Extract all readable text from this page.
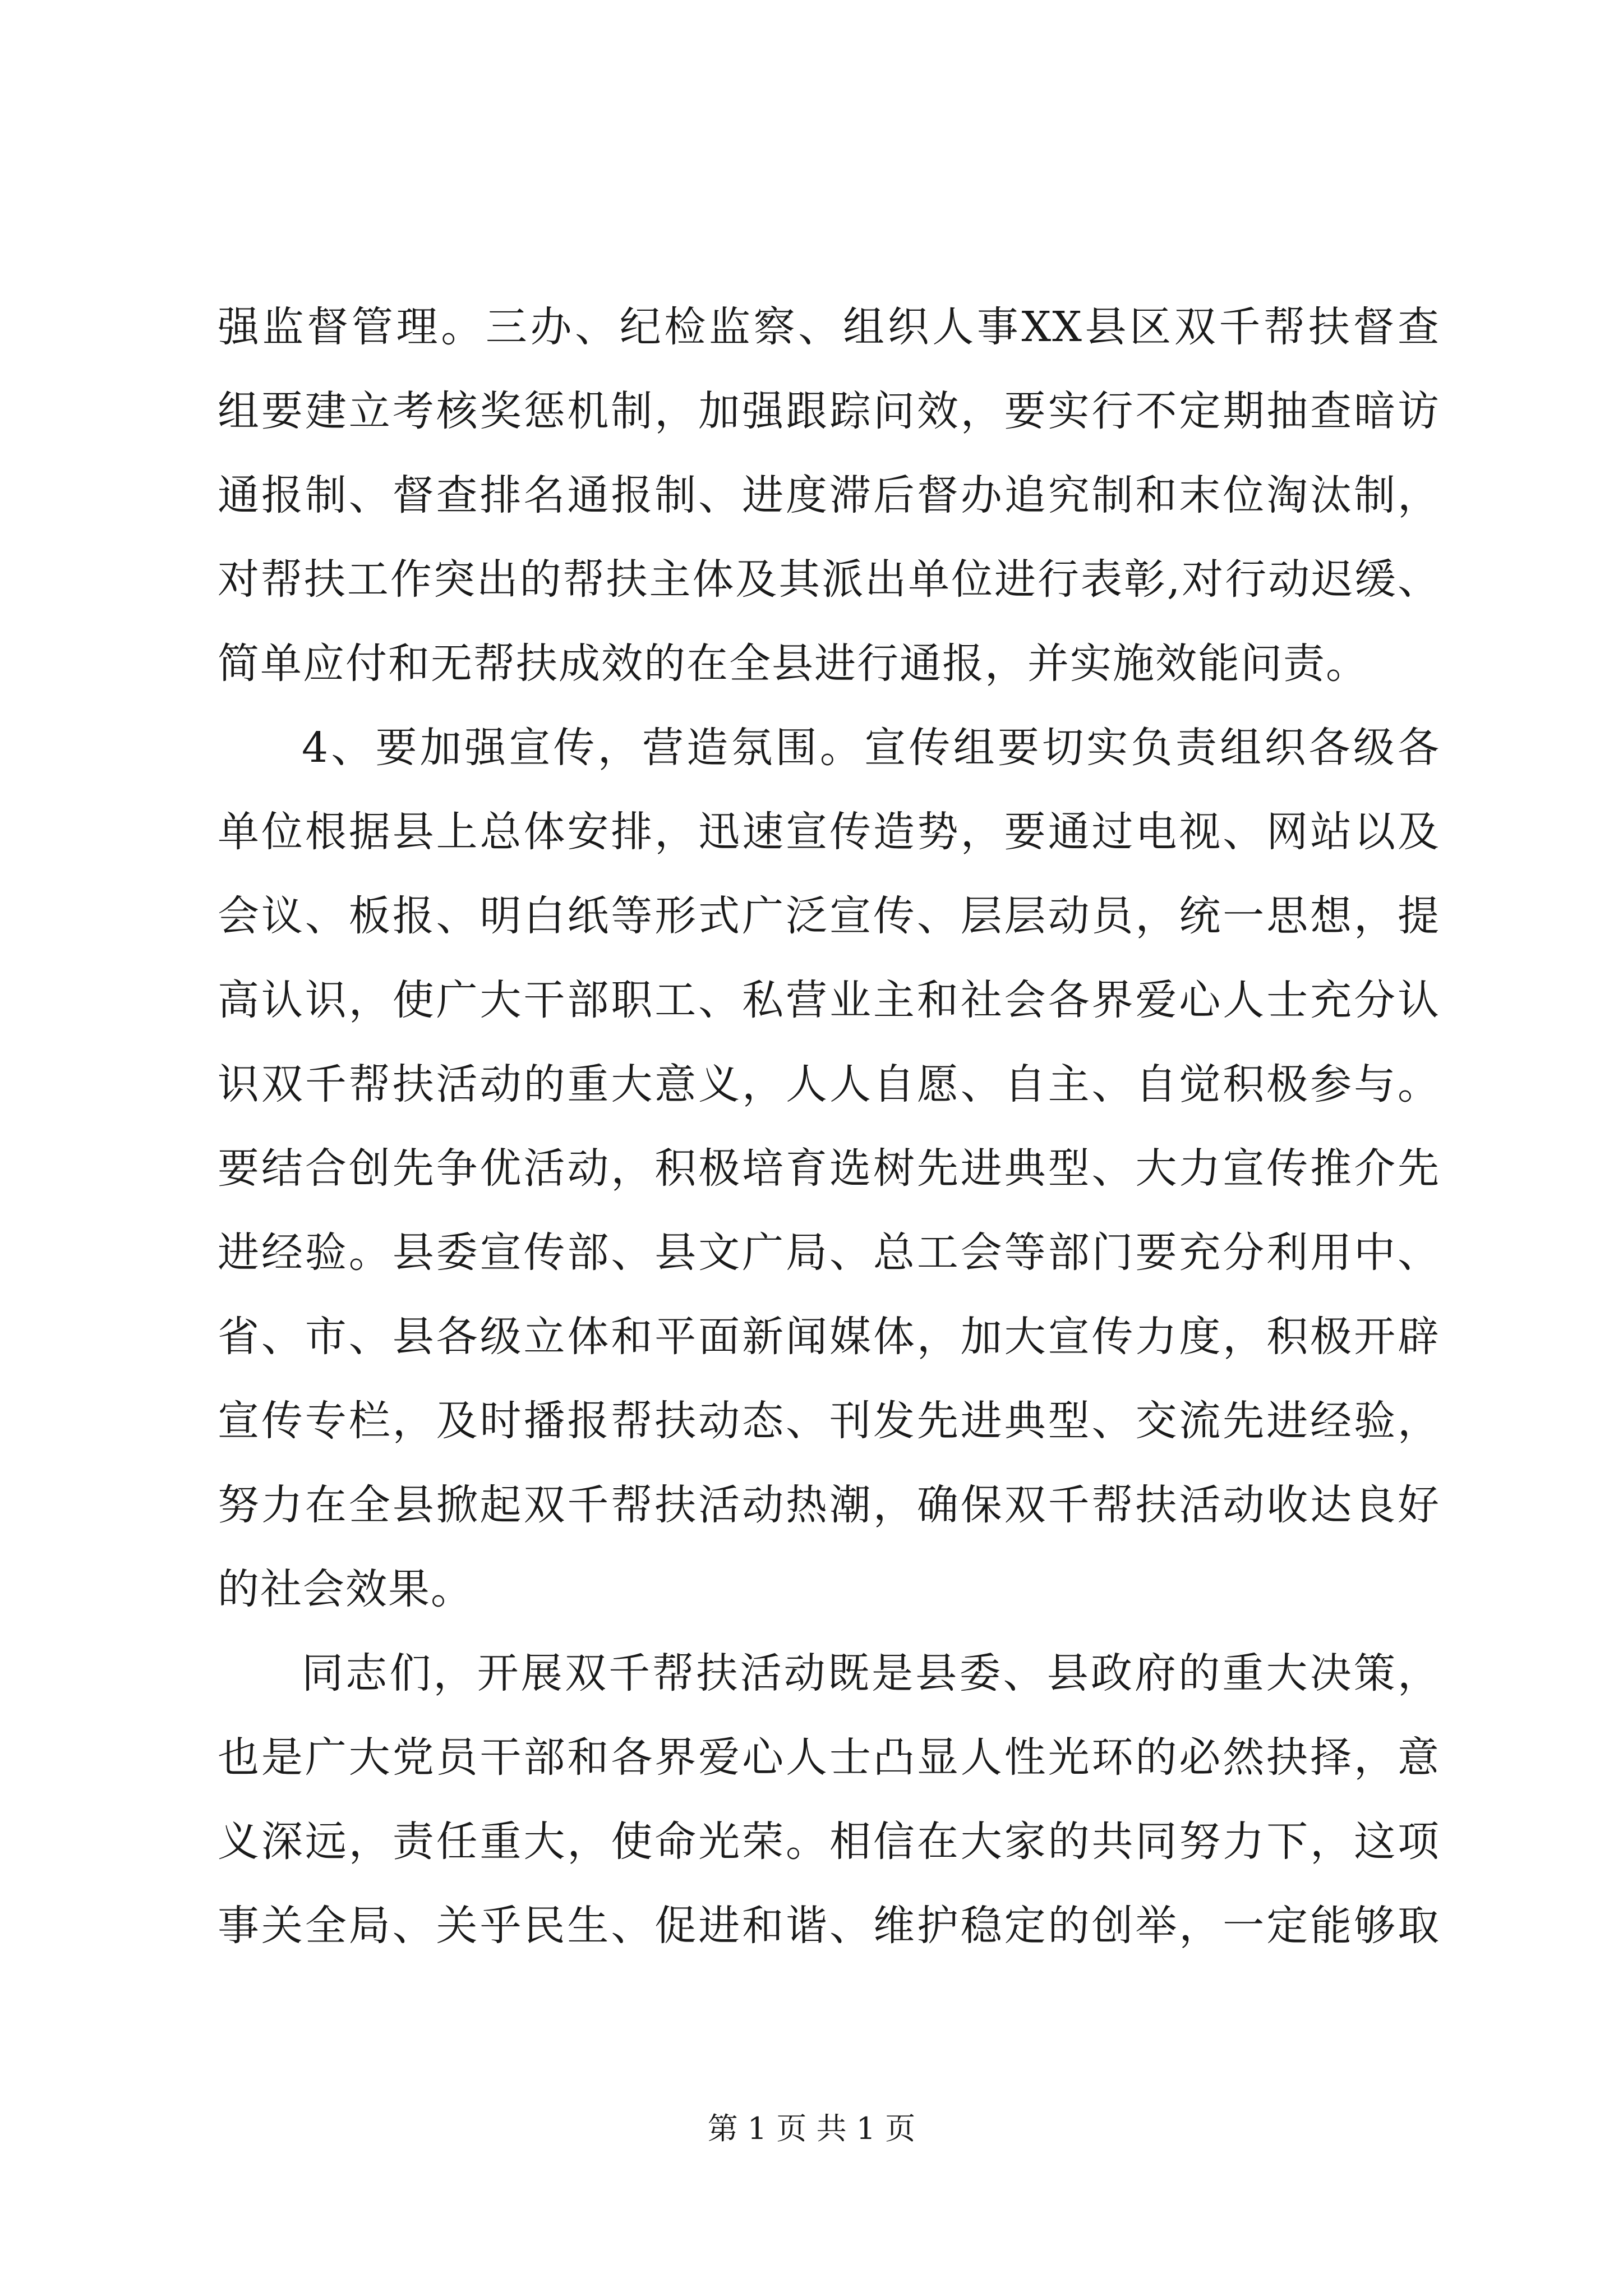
强监督管理。三办、纪检监察、组织人事XX县区双千帮扶督查
组要建立考核奖惩机制，加强跟踪问效，要实行不定期抽查暗访
通报制、督查排名通报制、进度滞后督办追究制和末位淘汰制，
对帮扶工作突出的帮扶主体及其派出单位进行表彰,对行动迟缓、
简单应付和无帮扶成效的在全县进行通报，并实施效能问责。
4、要加强宣传，营造氛围。宣传组要切实负责组织各级各
单位根据县上总体安排，迅速宣传造势，要通过电视、网站以及
会议、板报、明白纸等形式广泛宣传、层层动员，统一思想，提
高认识，使广大干部职工、私营业主和社会各界爱心人士充分认
识双千帮扶活动的重大意义，人人自愿、自主、自觉积极参与。
要结合创先争优活动，积极培育选树先进典型、大力宣传推介先
进经验。县委宣传部、县文广局、总工会等部门要充分利用中、
省、市、县各级立体和平面新闻媒体，加大宣传力度，积极开辟
宣传专栏，及时播报帮扶动态、刊发先进典型、交流先进经验，
努力在全县掀起双千帮扶活动热潮，确保双千帮扶活动收达良好
的社会效果。
同志们，开展双千帮扶活动既是县委、县政府的重大决策，
也是广大党员干部和各界爱心人士凸显人性光环的必然抉择，意
义深远，责任重大，使命光荣。相信在大家的共同努力下，这项
事关全局、关乎民生、促进和谐、维护稳定的创举，一定能够取
第 1 页 共 1 页
